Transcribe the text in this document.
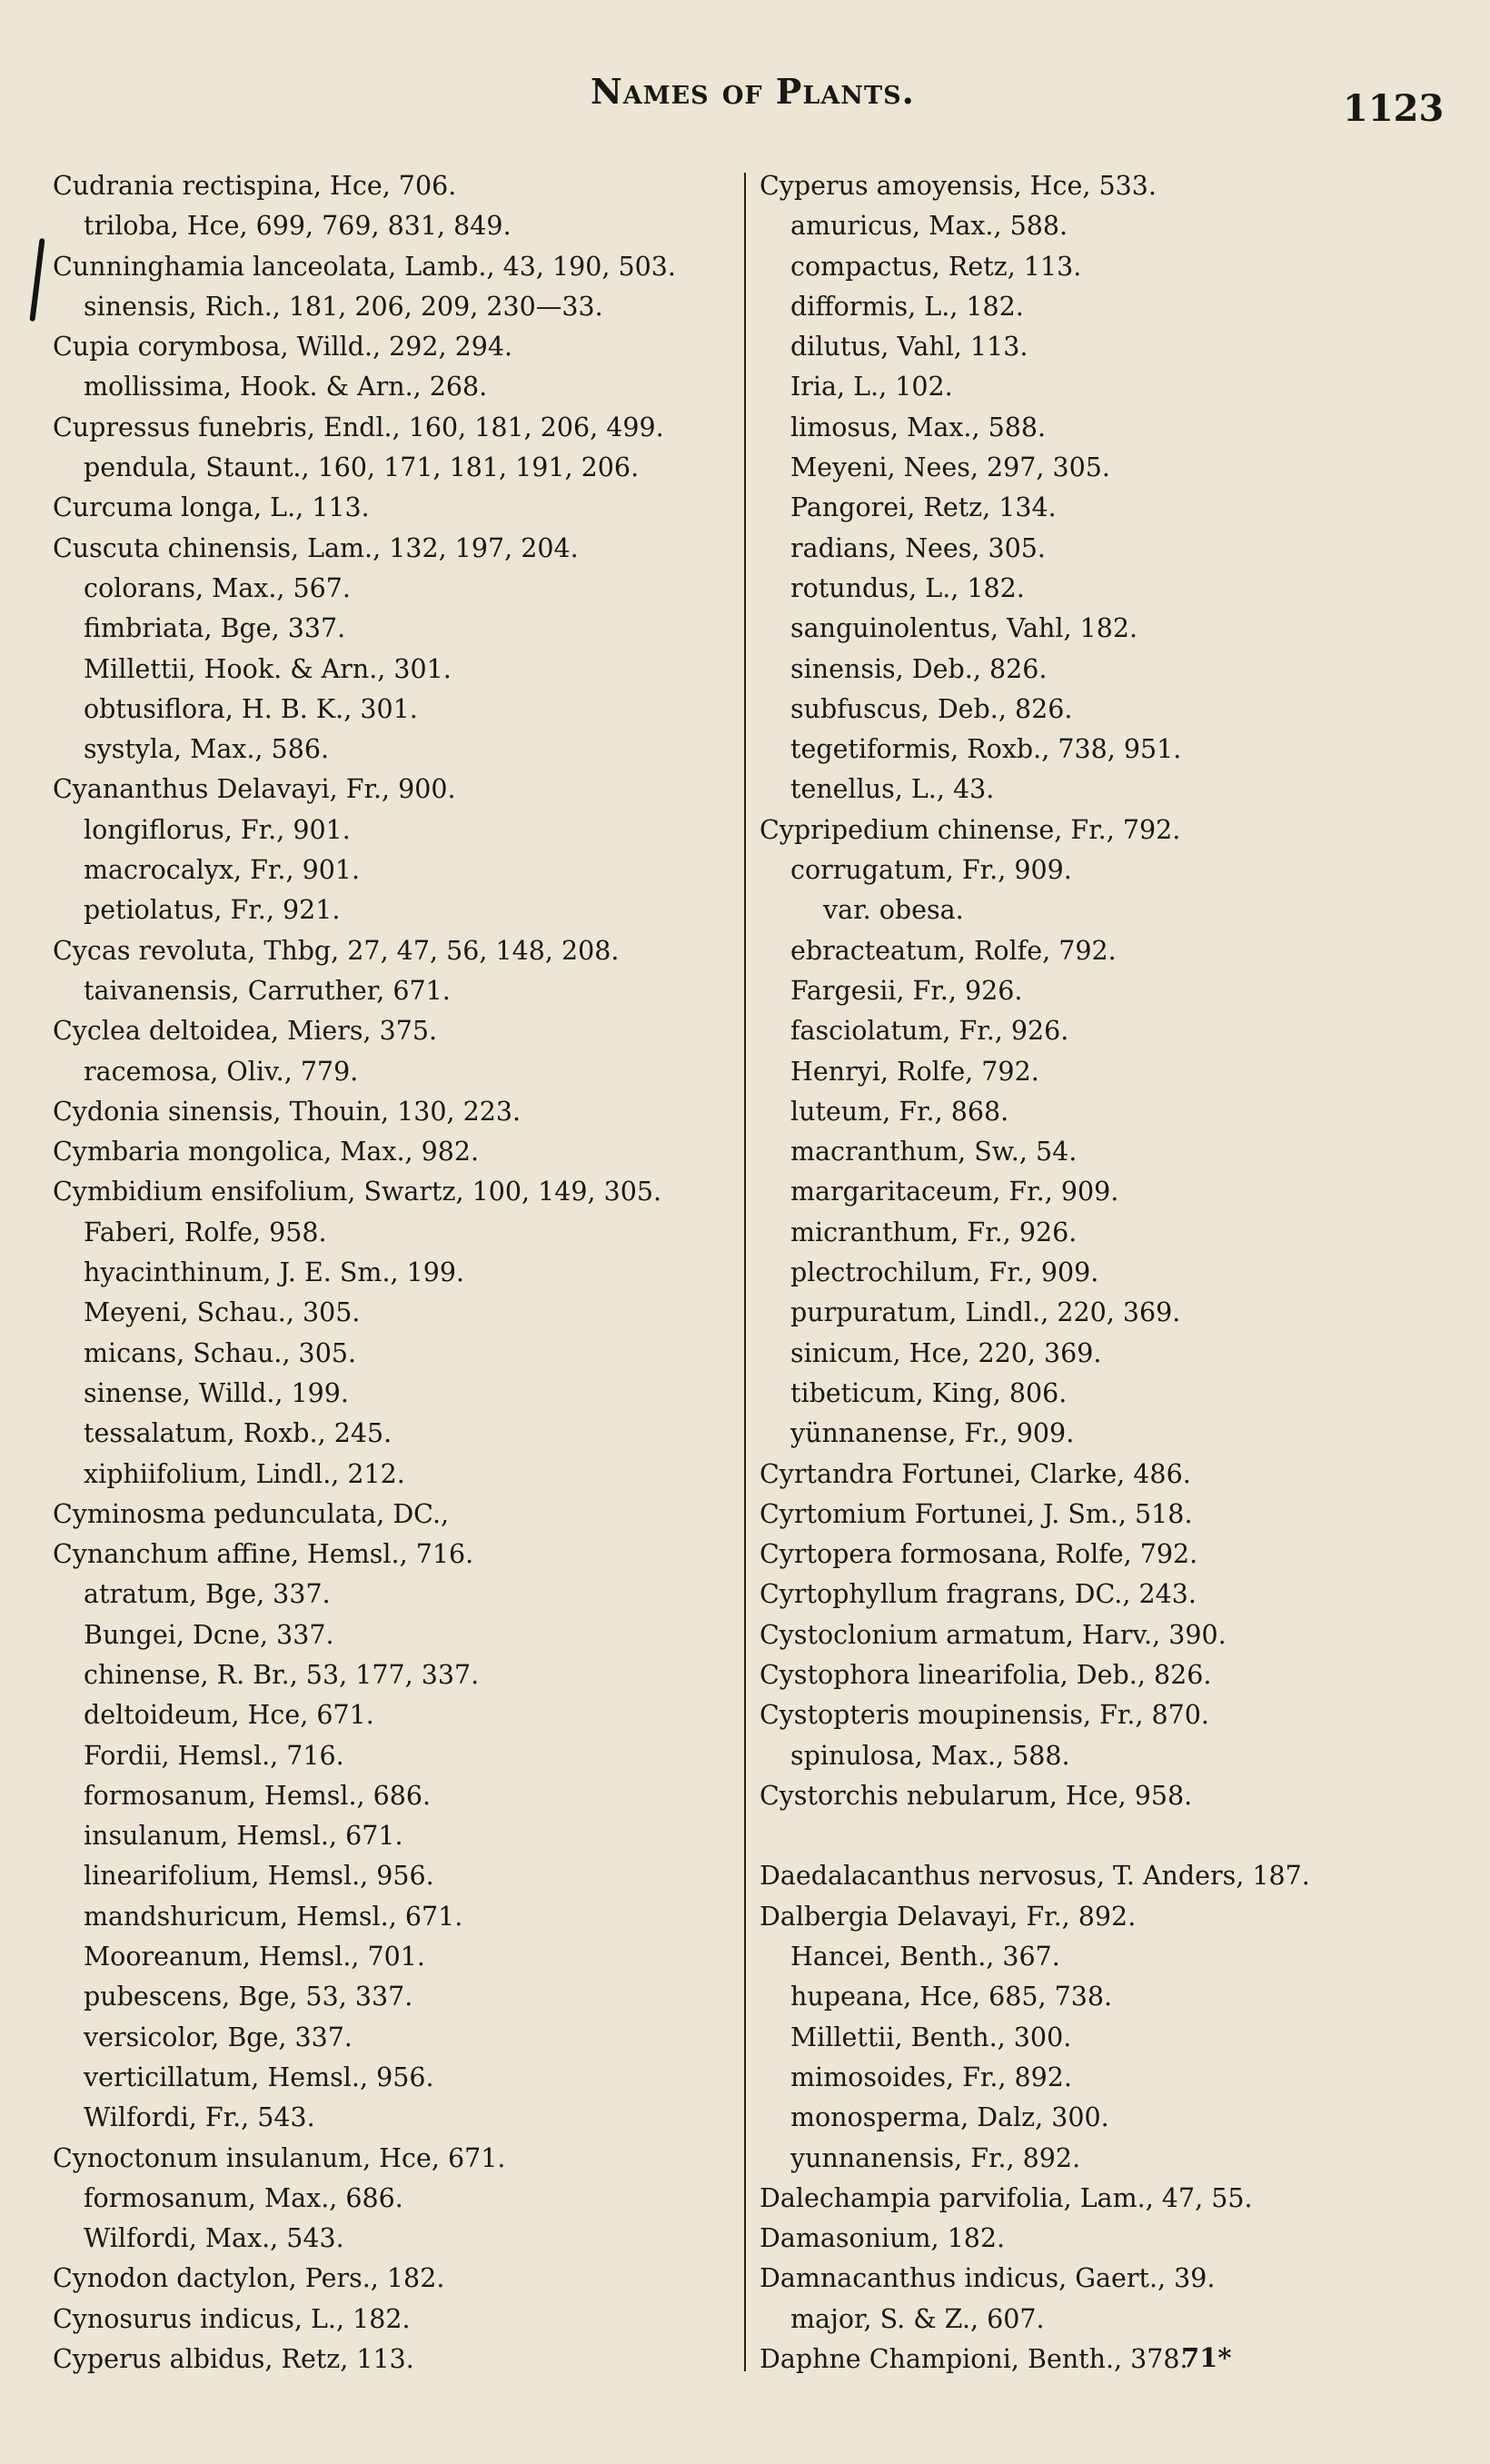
Names of Plants.	1123
Cudrania rectispina, Hce, 706.
triloba, Hce, 699, 769, 831, 849.
Cunninghamia lanceolata, Lamb., 43, 190, 503.
sinensis, Rich., 181, 206, 209, 230—33.
Cupia corymbosa, Willd., 292, 294.
mollissima, Hook. & Arn., 268.
Cupressus funebris, Endl., 160, 181, 206, 499.
pendula, Staunt., 160, 171, 181, 191, 206.
Curcuma longa, L., 113.
Cuscuta chinensis, Lam., 132, 197, 204.
colorans, Max., 567.
fimbriata, Bge, 337.
Millettii, Hook. & Arn., 301.
obtusiflora, H. B. K., 301.
systyla, Max., 586.
Cyananthus Delavayi, Fr., 900.
longiflorus, Fr., 901.
macrocalyx, Fr., 901.
petiolatus, Fr., 921.
Cycas revoluta, Thbg, 27, 47, 56, 148, 208.
taivanensis, Carruther, 671.
Cyclea deltoidea, Miers, 375.
racemosa, Oliv., 779.
Cydonia sinensis, Thouin, 130, 223.
Cymbaria mongolica, Max., 982.
Cymbidium ensifolium, Swartz, 100, 149, 305.
Faberi, Rolfe, 958.
hyacinthinum, J. E. Sm., 199.
Meyeni, Schau., 305.
micans, Schau., 305.
sinense, Willd., 199.
tessalatum, Roxb., 245.
xiphiifolium, Lindl., 212.
Cyminosma pedunculata, DC.,
Cynanchum affine, Hemsl., 716.
atratum, Bge, 337.
Bungei, Dcne, 337.
chinense, R. Br., 53, 177, 337.
deltoideum, Hce, 671.
Fordii, Hemsl., 716.
formosanum, Hemsl., 686.
insulanum, Hemsl., 671.
linearifolium, Hemsl., 956.
mandshuricum, Hemsl., 671.
Mooreanum, Hemsl., 701.
pubescens, Bge, 53, 337.
versicolor, Bge, 337.
verticillatum, Hemsl., 956.
Wilfordi, Fr., 543.
Cynoctonum insulanum, Hce, 671.
formosanum, Max., 686.
Wilfordi, Max., 543.
Cynodon dactylon, Pers., 182.
Cynosurus indicus, L., 182.
Cyperus albidus, Retz, 113.
Cyperus amoyensis, Hce, 533.
amuricus, Max., 588.
compactus, Retz, 113.
difformis, L., 182.
dilutus, Vahl, 113.
Iria, L., 102.
limosus, Max., 588.
Meyeni, Nees, 297, 305.
Pangorei, Retz, 134.
radians, Nees, 305.
rotundus, L., 182.
sanguinolentus, Vahl, 182.
sinensis, Deb., 826.
subfuscus, Deb., 826.
tegetiformis, Roxb., 738, 951.
tenellus, L., 43.
Cypripedium chinense, Fr., 792.
corrugatum, Fr., 909.
var. obesa.
ebracteatum, Rolfe, 792.
Fargesii, Fr., 926.
fasciolatum, Fr., 926.
Henryi, Rolfe, 792.
luteum, Fr., 868.
macranthum, Sw., 54.
margaritaceum, Fr., 909.
micranthum, Fr., 926.
plectrochilum, Fr., 909.
purpuratum, Lindl., 220, 369.
sinicum, Hce, 220, 369.
tibeticum, King, 806.
yünnanense, Fr., 909.
Cyrtandra Fortunei, Clarke, 486.
Cyrtomium Fortunei, J. Sm., 518.
Cyrtopera formosana, Rolfe, 792.
Cyrtophyllum fragrans, DC., 243.
Cystoclonium armatum, Harv., 390.
Cystophora linearifolia, Deb., 826.
Cystopteris moupinensis, Fr., 870.
spinulosa, Max., 588.
Cystorchis nebularum, Hce, 958.
Daedalacanthus nervosus, T. Anders, 187.
Dalbergia Delavayi, Fr., 892.
Hancei, Benth., 367.
hupeana, Hce, 685, 738.
Millettii, Benth., 300.
mimosoides, Fr., 892.
monosperma, Dalz, 300.
yunnanensis, Fr., 892.
Dalechampia parvifolia, Lam., 47, 55.
Damasonium, 182.
Damnacanthus indicus, Gaert., 39.
major, S. & Z., 607.
Daphne Championi, Benth., 378.
71*
